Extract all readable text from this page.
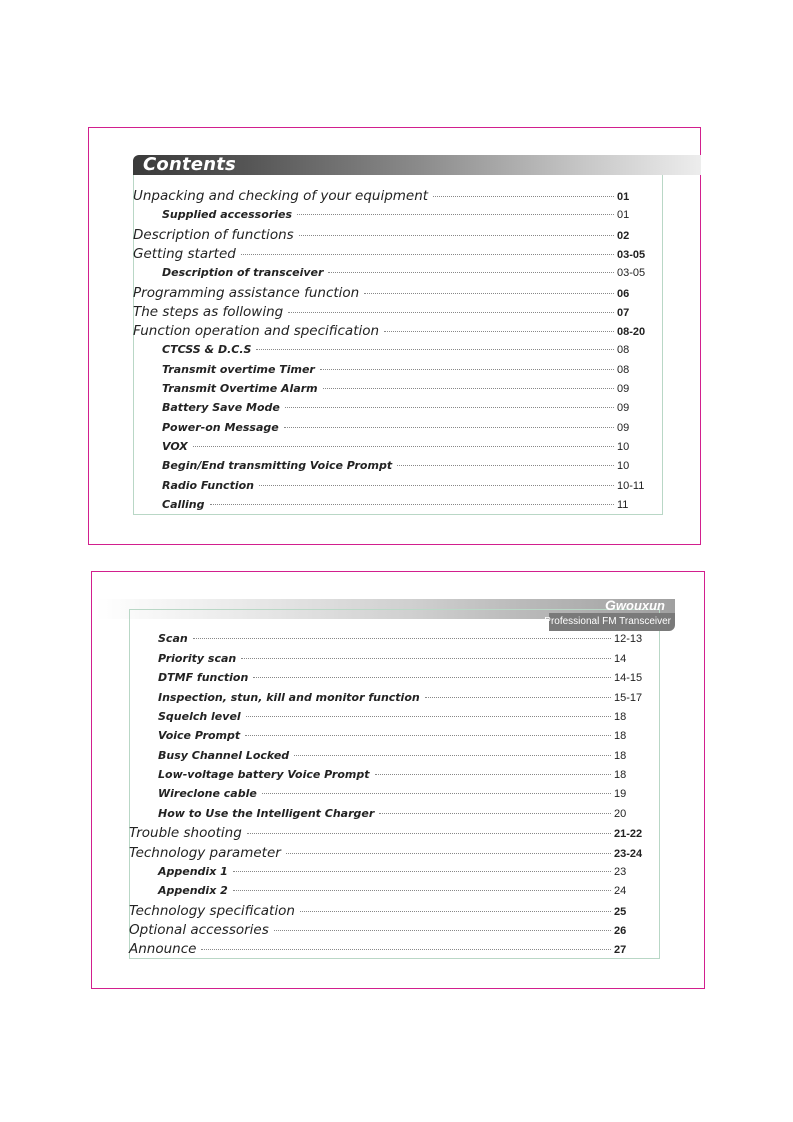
Contents
Unpacking and checking of your equipment	01
Supplied accessories	01
Description of functions	02
Getting started	03-05
Description of transceiver	03-05
Programming assistance function	06
The steps as following	07
Function operation and specification	08-20
CTCSS & D.C.S	08
Transmit overtime Timer	08
Transmit Overtime Alarm	09
Battery Save Mode	09
Power-on Message	09
VOX	10
Begin/End transmitting Voice Prompt	10
Radio Function	10-11
Calling	11
Gwouxun
Professional FM Transceiver
Scan	12-13
Priority scan	14
DTMF function	14-15
Inspection, stun, kill and monitor function	15-17
Squelch level	18
Voice Prompt	18
Busy Channel Locked	18
Low-voltage battery Voice Prompt	18
Wireclone cable	19
How to Use the Intelligent Charger	20
Trouble shooting	21-22
Technology parameter	23-24
Appendix 1	23
Appendix 2	24
Technology specification	25
Optional accessories	26
Announce	27
